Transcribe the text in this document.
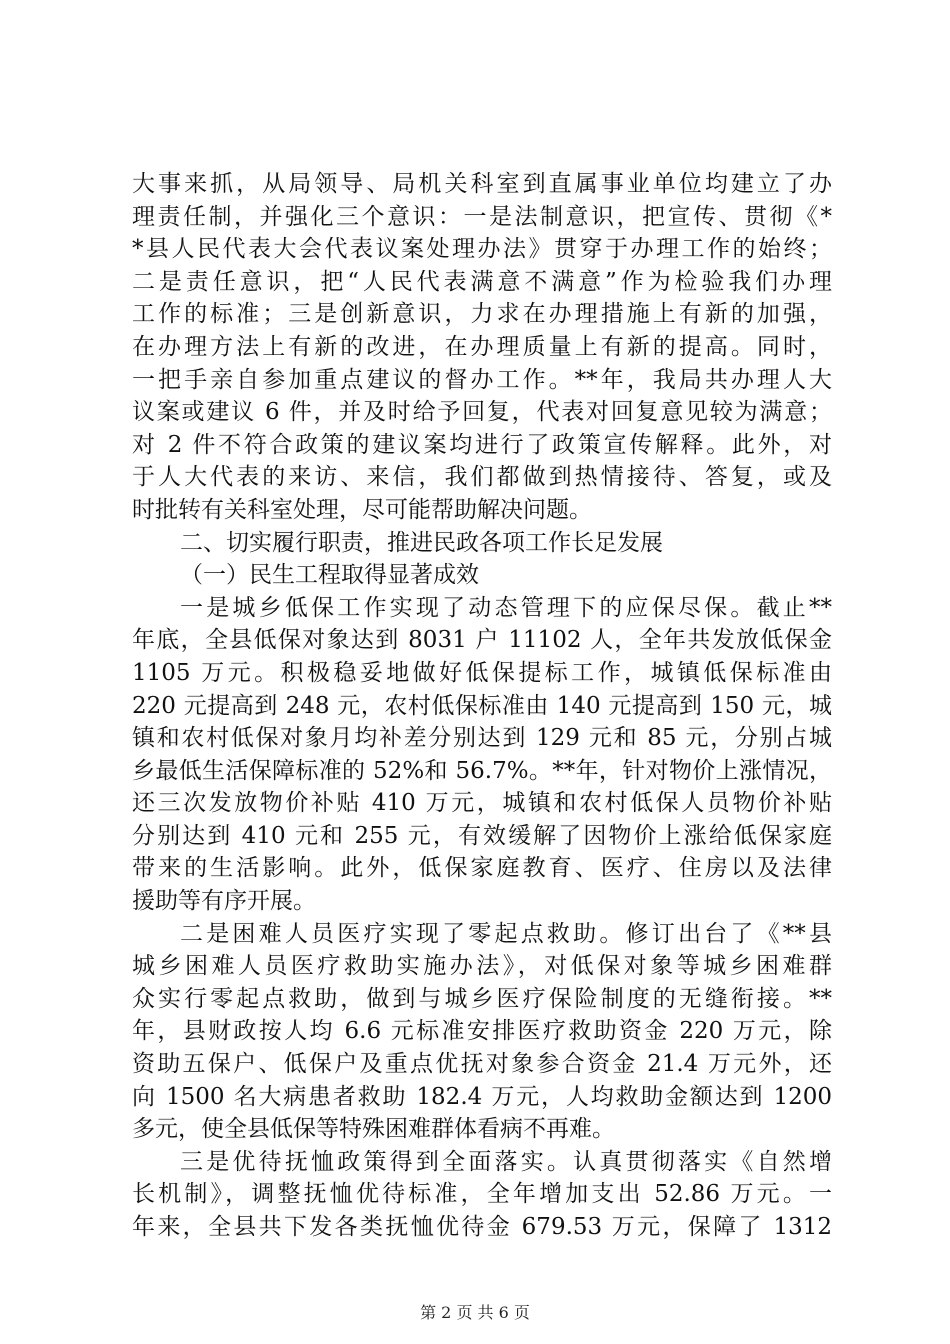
大事来抓，从局领导、局机关科室到直属事业单位均建立了办
理责任制，并强化三个意识：一是法制意识，把宣传、贯彻《*
*县人民代表大会代表议案处理办法》贯穿于办理工作的始终；
二是责任意识，把“人民代表满意不满意”作为检验我们办理
工作的标准；三是创新意识，力求在办理措施上有新的加强，
在办理方法上有新的改进，在办理质量上有新的提高。同时，
一把手亲自参加重点建议的督办工作。**年，我局共办理人大
议案或建议 6 件，并及时给予回复，代表对回复意见较为满意；
对 2 件不符合政策的建议案均进行了政策宣传解释。此外，对
于人大代表的来访、来信，我们都做到热情接待、答复，或及
时批转有关科室处理，尽可能帮助解决问题。
二、切实履行职责，推进民政各项工作长足发展
（一）民生工程取得显著成效
一是城乡低保工作实现了动态管理下的应保尽保。截止**
年底，全县低保对象达到 8031 户 11102 人，全年共发放低保金
1105 万元。积极稳妥地做好低保提标工作，城镇低保标准由
220 元提高到 248 元，农村低保标准由 140 元提高到 150 元，城
镇和农村低保对象月均补差分别达到 129 元和 85 元，分别占城
乡最低生活保障标准的 52%和 56.7%。**年，针对物价上涨情况，
还三次发放物价补贴 410 万元，城镇和农村低保人员物价补贴
分别达到 410 元和 255 元，有效缓解了因物价上涨给低保家庭
带来的生活影响。此外，低保家庭教育、医疗、住房以及法律
援助等有序开展。
二是困难人员医疗实现了零起点救助。修订出台了《**县
城乡困难人员医疗救助实施办法》，对低保对象等城乡困难群
众实行零起点救助，做到与城乡医疗保险制度的无缝衔接。**
年，县财政按人均 6.6 元标准安排医疗救助资金 220 万元，除
资助五保户、低保户及重点优抚对象参合资金 21.4 万元外，还
向 1500 名大病患者救助 182.4 万元，人均救助金额达到 1200
多元，使全县低保等特殊困难群体看病不再难。
三是优待抚恤政策得到全面落实。认真贯彻落实《自然增
长机制》，调整抚恤优待标准，全年增加支出 52.86 万元。一
年来，全县共下发各类抚恤优待金 679.53 万元，保障了 1312
第 2 页 共 6 页
